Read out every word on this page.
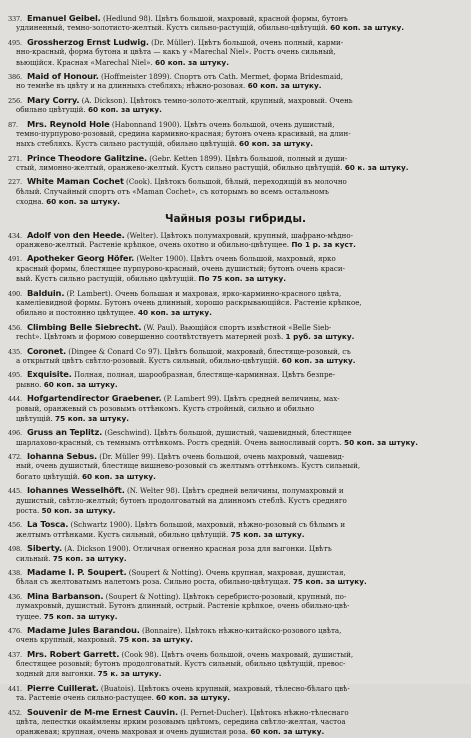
337. Emanuel Geibel. (Hedlund 98). Цвѣтъ большой, махровый, красной формы, бутонъ
удлиненный, темно-золотисто-желтый. Кустъ сильно-растущій, обильно-цвѣтущій. 60 коп. за штуку.
495. Grossherzog Ernst Ludwig. (Dr. Müller). Цвѣтъ большой, очень полный, карми-
нно-красный, форма бутона и цвѣта — какъ у «Marechal Niel». Ростъ очень сильный,
вьющійся. Красная «Marechal Niel». 60 коп. за штуку.
386. Maid of Honour. (Hoffmeister 1899). Спортъ отъ Cath. Mermet, форма Bridesmaid,
но темнѣе въ цвѣту и на длинныхъ стебляхъ; нѣжно-розовая. 60 коп. за штуку.
256. Mary Corry. (A. Dickson). Цвѣтокъ темно-золото-желтый, крупный, махровый. Очень
обильно цвѣтущій. 60 коп. за штуку.
87. Mrs. Reynold Hole (Habonnand 1900). Цвѣтъ очень большой, очень душистый,
темно-пурпурово-розовый, средина кармивно-красная; бутонъ очень красивый, на длин-
ныхъ стебляхъ. Кустъ сильно растущій, обильно цвѣтущій. 60 коп. за штуку.
271. Prince Theodore Galitzine. (Gebr. Ketten 1899). Цвѣтъ большой, полный и души-
стый, лимонно-желтый, оранжево-желтый. Кустъ сильно растущій, обильно цвѣтущій. 60 к. за штуку.
227. White Maman Cochet (Cook). Цвѣтокъ большой, бѣлый, переходящій въ молочно
бѣлый. Случайный спортъ отъ «Maman Cochet», съ которымъ во всемъ остальномъ
сходна. 60 коп. за штуку.
Чайныя розы гибриды.
434. Adolf von den Heede. (Welter). Цвѣтокъ полумахровый, крупный, шафрано-мѣдно-
оранжево-желтый. Растеніе крѣпкое, очень охотно и обильно-цвѣтущее. По 1 р. за куст.
491. Apotheker Georg Höfer. (Welter 1900). Цвѣтъ очень большой, махровый, ярко
красный формы, блестящее пурпурово-красный, очень душистый; бутонъ очень краси-
вый. Кустъ сильно растущій, обильно цвѣтущій. По 75 коп. за штуку.
490. Balduin. (P. Lambert). Очень большая и махровая, ярко-карминно-красного цвѣта,
камеліевидной формы. Бутонъ очень длинный, хорошо раскрывающійся. Растеніе крѣпкое,
обильно и постоянно цвѣтущее. 40 коп. за штуку.
456. Climbing Belle Siebrecht. (W. Paul). Вьющійся спортъ извѣстной «Belle Sieb-
recht». Цвѣтомъ и формою совершенно соотвѣтствуетъ матерней розѣ. 1 руб. за штуку.
435. Coronet. (Dingee & Conard Co 97). Цвѣтъ большой, махровый, блестяще-розовый, съ
а открытый цвѣтъ свѣтло-розовый. Кустъ сильный, обильно-цвѣтущій. 60 коп. за штуку.
495. Exquisite. Полная, полная, шарообразная, блестяще-карминная. Цвѣтъ безпре-
рывно. 60 коп. за штуку.
444. Hofgartendirector Graebener. (P. Lambert 99). Цвѣтъ средней величины, мах-
ровый, оранжевый съ розовымъ оттѣнкомъ. Кустъ стройный, сильно и обильно
цвѣтущій. 75 коп. за штуку.
496. Gruss an Teplitz. (Geschwind). Цвѣтъ большой, душистый, чашевидный, блестящее
шарлахово-красный, съ темнымъ оттѣнкомъ. Ростъ средній. Очень выносливый сортъ. 50 коп. за штуку.
472. Iohanna Sebus. (Dr. Müller 99). Цвѣтъ очень большой, очень махровый, чашевид-
ный, очень душистый, блестяще вишнево-розовый съ желтымъ оттѣнкомъ. Кустъ сильный,
богато цвѣтущій. 60 коп. за штуку.
445. Iohannes Wesselhöft. (N. Welter 98). Цвѣтъ средней величины, полумахровый и
душистый, свѣтло-желтый; бутонъ продолговатый на длинномъ стеблѣ. Кустъ средняго
роста. 50 коп. за штуку.
456. La Tosca. (Schwartz 1900). Цвѣтъ большой, махровый, нѣжно-розовый съ бѣлымъ и
желтымъ оттѣнками. Кустъ сильный, обильно цвѣтущій. 75 коп. за штуку.
498. Siberty. (A. Dickson 1900). Отличная огненно красная роза для выгонки. Цвѣтъ
сильный. 75 коп. за штуку.
438. Madame I. P. Soupert. (Soupert & Notting). Очень крупная, махровая, душистая,
бѣлая съ желтоватымъ налетомъ роза. Сильно роста, обильно-цвѣтущая. 75 коп. за штуку.
436. Mina Barbanson. (Soupert & Notting). Цвѣтокъ серебристо-розовый, крупный, по-
лумахровый, душистый. Бутонъ длинный, острый. Растеніе крѣпкое, очень обильно-цвѣ-
тущее. 75 коп. за штуку.
476. Madame Jules Barandou. (Bonnaire). Цвѣтокъ нѣжно-китайско-розового цвѣта,
очень крупный, махровый. 75 коп. за штуку.
437. Mrs. Robert Garrett. (Cook 98). Цвѣтъ очень большой, очень махровый, душистый,
блестящее розовый; бутонъ продолговатый. Кустъ сильный, обильно цвѣтущій, превос-
ходный для выгонки. 75 к. за штуку.
441. Pierre Cuillerat. (Buatois). Цвѣтокъ очень крупный, махровый, тѣлесно-бѣлаго цвѣ-
та. Растеніе очень сильно-растущее. 60 коп. за штуку.
452. Souvenir de M-me Ernest Cauvin. (I. Pernet-Ducher). Цвѣтокъ нѣжно-тѣлеснаго
цвѣта, лепестки окаймлены ярким розовымъ цвѣтомъ, середина свѣтло-желтая, частоа
оранжевая; крупная, очень махровая и очень душистая роза. 60 коп. за штуку.
